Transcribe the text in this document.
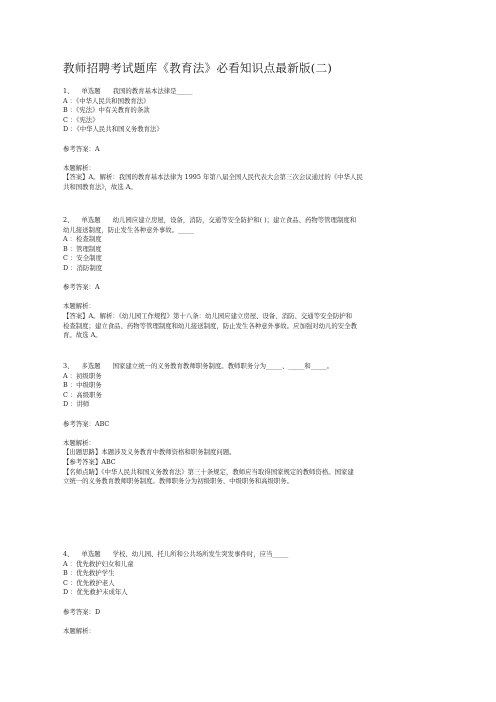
教师招聘考试题库《教育法》必看知识点最新版(二)
1、 单选题 我国的教育基本法律是_____
A ：《中华人民共和国教育法》
B ：《宪法》中有关教育的条款
C ：《宪法》
D ：《中华人民共和国义务教育法》
参考答案：A
本题解析：
【答案】A。解析：我国的教育基本法律为 1995 年第八届全国人民代表大会第三次会议通过的《中华人民
共和国教育法》，故选 A。
2、 单选题 幼儿园应建立房屋，设备，消防，交通等安全防护和( )；建立食品、药物等管理制度和
幼儿接送制度，防止发生各种意外事故。_____
A ：检查制度
B ：管理制度
C ：安全制度
D ：消防制度
参考答案：A
本题解析：
【答案】A。解析：《幼儿园工作规程》第十八条：幼儿园应建立房屋、设备、消防、交通等安全防护和
检查制度；建立食品、药物等管理制度和幼儿接送制度，防止发生各种意外事故。应加强对幼儿的安全教
育。故选 A。
3、 多选题 国家建立统一的义务教育教师职务制度。教师职务分为_____、_____和_____。
A ：初级职务
B ：中级职务
C ：高级职务
D ：讲师
参考答案：ABC
本题解析：
【出题思路】本题涉及义务教育中教师资格和职务制度问题。
【参考答案】ABC
【名师点睛】《中华人民共和国义务教育法》第三十条规定，教师应当取得国家规定的教师资格。国家建
立统一的义务教育教师职务制度。教师职务分为初级职务、中级职务和高级职务。
4、 单选题 学校、幼儿园、托儿所和公共场所发生突发事件时，应当_____
A ：优先救护妇女和儿童
B ：优先救护学生
C ：优先救护老人
D ：优先救护未成年人
参考答案：D
本题解析：
